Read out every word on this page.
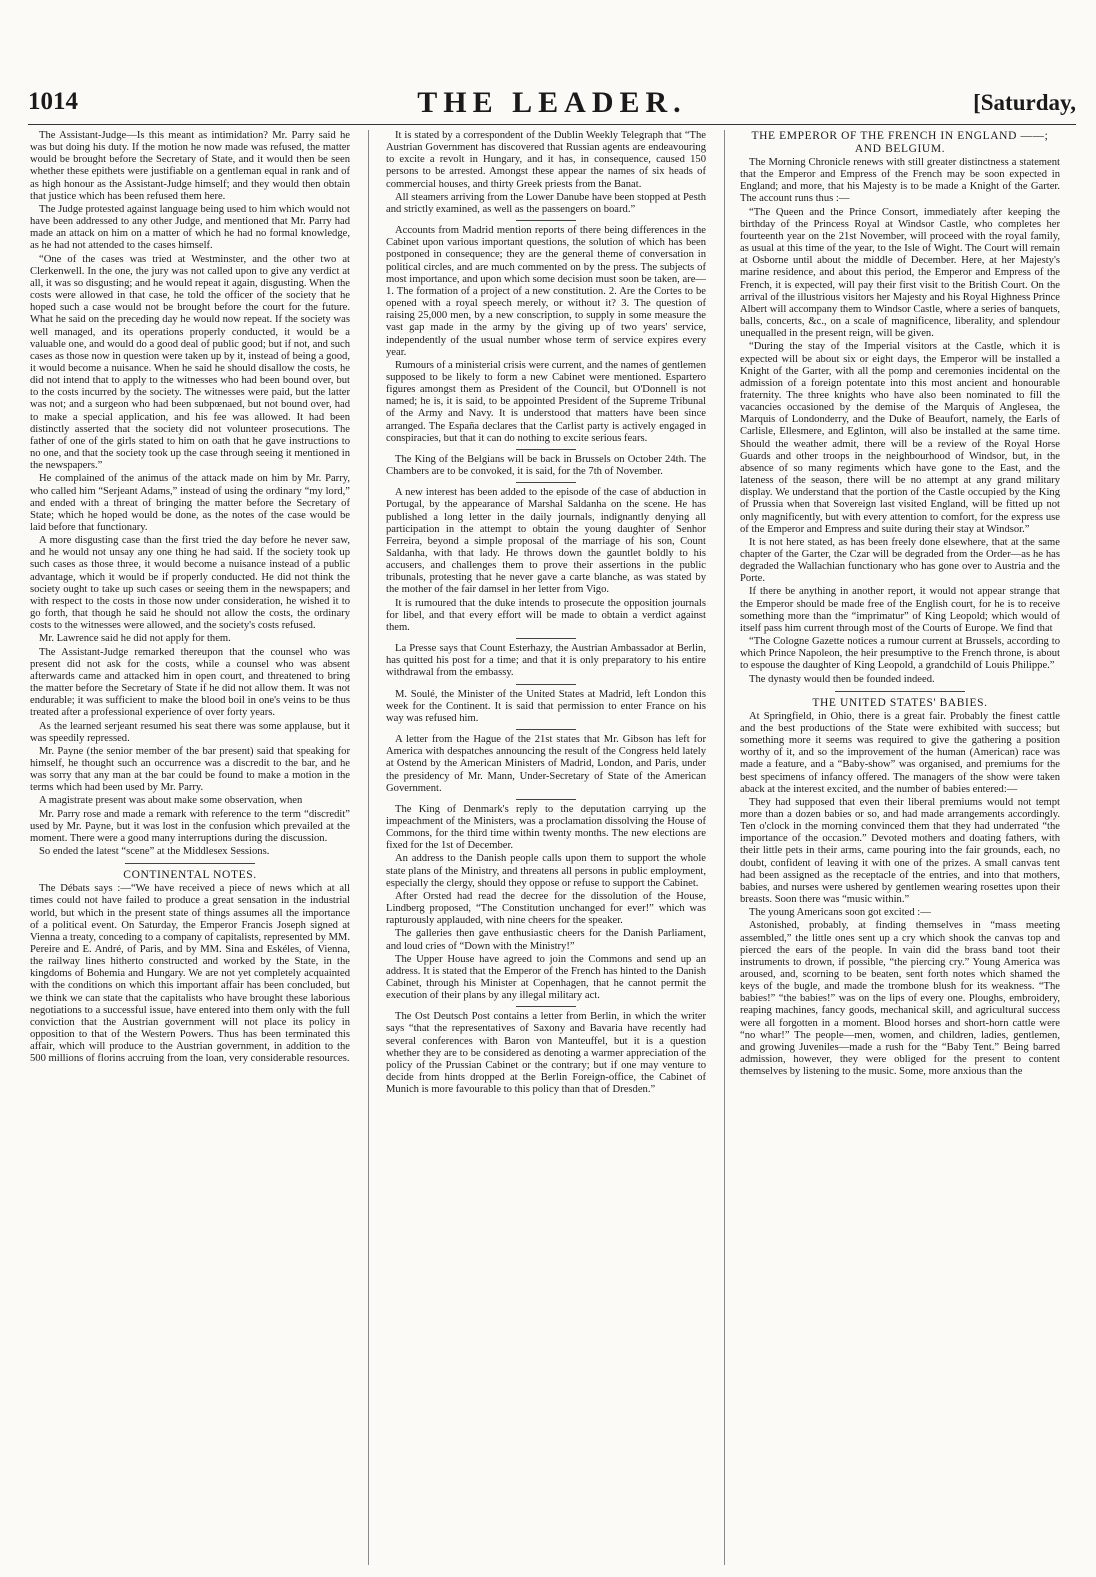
1014	THE LEADER.	[Saturday,

The Assistant-Judge—Is this meant as intimidation? Mr. Parry said he was but doing his duty. If the motion he now made was refused, the matter would be brought before the Secretary of State, and it would then be seen whether these epithets were justifiable on a gentleman equal in rank and of as high honour as the Assistant-Judge himself; and they would then obtain that justice which has been refused them here.

The Judge protested against language being used to him which would not have been addressed to any other Judge, and mentioned that Mr. Parry had made an attack on him on a matter of which he had no formal knowledge, as he had not attended to the cases himself.

“One of the cases was tried at Westminster, and the other two at Clerkenwell. In the one, the jury was not called upon to give any verdict at all, it was so disgusting; and he would repeat it again, disgusting. When the costs were allowed in that case, he told the officer of the society that he hoped such a case would not be brought before the court for the future. What he said on the preceding day he would now repeat. If the society was well managed, and its operations properly conducted, it would be a valuable one, and would do a good deal of public good; but if not, and such cases as those now in question were taken up by it, instead of being a good, it would become a nuisance. When he said he should disallow the costs, he did not intend that to apply to the witnesses who had been bound over, but to the costs incurred by the society. The witnesses were paid, but the latter was not; and a surgeon who had been subpœnaed, but not bound over, had to make a special application, and his fee was allowed. It had been distinctly asserted that the society did not volunteer prosecutions. The father of one of the girls stated to him on oath that he gave instructions to no one, and that the society took up the case through seeing it mentioned in the newspapers.”

He complained of the animus of the attack made on him by Mr. Parry, who called him “Serjeant Adams,” instead of using the ordinary “my lord,” and ended with a threat of bringing the matter before the Secretary of State; which he hoped would be done, as the notes of the case would be laid before that functionary.

A more disgusting case than the first tried the day before he never saw, and he would not unsay any one thing he had said. If the society took up such cases as those three, it would become a nuisance instead of a public advantage, which it would be if properly conducted. He did not think the society ought to take up such cases or seeing them in the newspapers; and with respect to the costs in those now under consideration, he wished it to go forth, that though he said he should not allow the costs, the ordinary costs to the witnesses were allowed, and the society's costs refused.

Mr. Lawrence said he did not apply for them.

The Assistant-Judge remarked thereupon that the counsel who was present did not ask for the costs, while a counsel who was absent afterwards came and attacked him in open court, and threatened to bring the matter before the Secretary of State if he did not allow them. It was not endurable; it was sufficient to make the blood boil in one's veins to be thus treated after a professional experience of over forty years.

As the learned serjeant resumed his seat there was some applause, but it was speedily repressed.

Mr. Payne (the senior member of the bar present) said that speaking for himself, he thought such an occurrence was a discredit to the bar, and he was sorry that any man at the bar could be found to make a motion in the terms which had been used by Mr. Parry.

A magistrate present was about make some observation, when

Mr. Parry rose and made a remark with reference to the term “discredit” used by Mr. Payne, but it was lost in the confusion which prevailed at the moment. There were a good many interruptions during the discussion.

So ended the latest “scene” at the Middlesex Sessions.

CONTINENTAL NOTES.

The Débats says :—“We have received a piece of news which at all times could not have failed to produce a great sensation in the industrial world, but which in the present state of things assumes all the importance of a political event. On Saturday, the Emperor Francis Joseph signed at Vienna a treaty, conceding to a company of capitalists, represented by MM. Pereire and E. André, of Paris, and by MM. Sina and Eskéles, of Vienna, the railway lines hitherto constructed and worked by the State, in the kingdoms of Bohemia and Hungary. We are not yet completely acquainted with the conditions on which this important affair has been concluded, but we think we can state that the capitalists who have brought these laborious negotiations to a successful issue, have entered into them only with the full conviction that the Austrian government will not place its policy in opposition to that of the Western Powers. Thus has been terminated this affair, which will produce to the Austrian government, in addition to the 500 millions of florins accruing from the loan, very considerable resources.

It is stated by a correspondent of the Dublin Weekly Telegraph that “The Austrian Government has discovered that Russian agents are endeavouring to excite a revolt in Hungary, and it has, in consequence, caused 150 persons to be arrested. Amongst these appear the names of six heads of commercial houses, and thirty Greek priests from the Banat.

All steamers arriving from the Lower Danube have been stopped at Pesth and strictly examined, as well as the passengers on board.”

Accounts from Madrid mention reports of there being differences in the Cabinet upon various important questions, the solution of which has been postponed in consequence; they are the general theme of conversation in political circles, and are much commented on by the press. The subjects of most importance, and upon which some decision must soon be taken, are—1. The formation of a project of a new constitution. 2. Are the Cortes to be opened with a royal speech merely, or without it? 3. The question of raising 25,000 men, by a new conscription, to supply in some measure the vast gap made in the army by the giving up of two years' service, independently of the usual number whose term of service expires every year.

Rumours of a ministerial crisis were current, and the names of gentlemen supposed to be likely to form a new Cabinet were mentioned. Espartero figures amongst them as President of the Council, but O'Donnell is not named; he is, it is said, to be appointed President of the Supreme Tribunal of the Army and Navy. It is understood that matters have been since arranged. The España declares that the Carlist party is actively engaged in conspiracies, but that it can do nothing to excite serious fears.

The King of the Belgians will be back in Brussels on October 24th. The Chambers are to be convoked, it is said, for the 7th of November.

A new interest has been added to the episode of the case of abduction in Portugal, by the appearance of Marshal Saldanha on the scene. He has published a long letter in the daily journals, indignantly denying all participation in the attempt to obtain the young daughter of Senhor Ferreira, beyond a simple proposal of the marriage of his son, Count Saldanha, with that lady. He throws down the gauntlet boldly to his accusers, and challenges them to prove their assertions in the public tribunals, protesting that he never gave a carte blanche, as was stated by the mother of the fair damsel in her letter from Vigo.

It is rumoured that the duke intends to prosecute the opposition journals for libel, and that every effort will be made to obtain a verdict against them.

La Presse says that Count Esterhazy, the Austrian Ambassador at Berlin, has quitted his post for a time; and that it is only preparatory to his entire withdrawal from the embassy.

M. Soulé, the Minister of the United States at Madrid, left London this week for the Continent. It is said that permission to enter France on his way was refused him.

A letter from the Hague of the 21st states that Mr. Gibson has left for America with despatches announcing the result of the Congress held lately at Ostend by the American Ministers of Madrid, London, and Paris, under the presidency of Mr. Mann, Under-Secretary of State of the American Government.

The King of Denmark's reply to the deputation carrying up the impeachment of the Ministers, was a proclamation dissolving the House of Commons, for the third time within twenty months. The new elections are fixed for the 1st of December.

An address to the Danish people calls upon them to support the whole state plans of the Ministry, and threatens all persons in public employment, especially the clergy, should they oppose or refuse to support the Cabinet.

After Orsted had read the decree for the dissolution of the House, Lindberg proposed, “The Constitution unchanged for ever!” which was rapturously applauded, with nine cheers for the speaker.

The galleries then gave enthusiastic cheers for the Danish Parliament, and loud cries of “Down with the Ministry!”

The Upper House have agreed to join the Commons and send up an address. It is stated that the Emperor of the French has hinted to the Danish Cabinet, through his Minister at Copenhagen, that he cannot permit the execution of their plans by any illegal military act.

The Ost Deutsch Post contains a letter from Berlin, in which the writer says “that the representatives of Saxony and Bavaria have recently had several conferences with Baron von Manteuffel, but it is a question whether they are to be considered as denoting a warmer appreciation of the policy of the Prussian Cabinet or the contrary; but if one may venture to decide from hints dropped at the Berlin Foreign-office, the Cabinet of Munich is more favourable to this policy than that of Dresden.”

THE EMPEROR OF THE FRENCH IN ENGLAND ——; AND BELGIUM.

The Morning Chronicle renews with still greater distinctness a statement that the Emperor and Empress of the French may be soon expected in England; and more, that his Majesty is to be made a Knight of the Garter. The account runs thus :—

“The Queen and the Prince Consort, immediately after keeping the birthday of the Princess Royal at Windsor Castle, who completes her fourteenth year on the 21st November, will proceed with the royal family, as usual at this time of the year, to the Isle of Wight. The Court will remain at Osborne until about the middle of December. Here, at her Majesty's marine residence, and about this period, the Emperor and Empress of the French, it is expected, will pay their first visit to the British Court. On the arrival of the illustrious visitors her Majesty and his Royal Highness Prince Albert will accompany them to Windsor Castle, where a series of banquets, balls, concerts, &c., on a scale of magnificence, liberality, and splendour unequalled in the present reign, will be given.

“During the stay of the Imperial visitors at the Castle, which it is expected will be about six or eight days, the Emperor will be installed a Knight of the Garter, with all the pomp and ceremonies incidental on the admission of a foreign potentate into this most ancient and honourable fraternity. The three knights who have also been nominated to fill the vacancies occasioned by the demise of the Marquis of Anglesea, the Marquis of Londonderry, and the Duke of Beaufort, namely, the Earls of Carlisle, Ellesmere, and Eglinton, will also be installed at the same time. Should the weather admit, there will be a review of the Royal Horse Guards and other troops in the neighbourhood of Windsor, but, in the absence of so many regiments which have gone to the East, and the lateness of the season, there will be no attempt at any grand military display. We understand that the portion of the Castle occupied by the King of Prussia when that Sovereign last visited England, will be fitted up not only magnificently, but with every attention to comfort, for the express use of the Emperor and Empress and suite during their stay at Windsor.”

It is not here stated, as has been freely done elsewhere, that at the same chapter of the Garter, the Czar will be degraded from the Order—as he has degraded the Wallachian functionary who has gone over to Austria and the Porte.

If there be anything in another report, it would not appear strange that the Emperor should be made free of the English court, for he is to receive something more than the “imprimatur” of King Leopold; which would of itself pass him current through most of the Courts of Europe. We find that

“The Cologne Gazette notices a rumour current at Brussels, according to which Prince Napoleon, the heir presumptive to the French throne, is about to espouse the daughter of King Leopold, a grandchild of Louis Philippe.”

The dynasty would then be founded indeed.

THE UNITED STATES' BABIES.

At Springfield, in Ohio, there is a great fair. Probably the finest cattle and the best productions of the State were exhibited with success; but something more it seems was required to give the gathering a position worthy of it, and so the improvement of the human (American) race was made a feature, and a “Baby-show” was organised, and premiums for the best specimens of infancy offered. The managers of the show were taken aback at the interest excited, and the number of babies entered:—

They had supposed that even their liberal premiums would not tempt more than a dozen babies or so, and had made arrangements accordingly. Ten o'clock in the morning convinced them that they had underrated “the importance of the occasion.” Devoted mothers and doating fathers, with their little pets in their arms, came pouring into the fair grounds, each, no doubt, confident of leaving it with one of the prizes. A small canvas tent had been assigned as the receptacle of the entries, and into that mothers, babies, and nurses were ushered by gentlemen wearing rosettes upon their breasts. Soon there was “music within.”

The young Americans soon got excited :—

Astonished, probably, at finding themselves in “mass meeting assembled,” the little ones sent up a cry which shook the canvas top and pierced the ears of the people. In vain did the brass band toot their instruments to drown, if possible, “the piercing cry.” Young America was aroused, and, scorning to be beaten, sent forth notes which shamed the keys of the bugle, and made the trombone blush for its weakness. “The babies!” “the babies!” was on the lips of every one. Ploughs, embroidery, reaping machines, fancy goods, mechanical skill, and agricultural success were all forgotten in a moment. Blood horses and short-horn cattle were “no whar!” The people—men, women, and children, ladies, gentlemen, and growing Juveniles—made a rush for the “Baby Tent.” Being barred admission, however, they were obliged for the present to content themselves by listening to the music. Some, more anxious than the
